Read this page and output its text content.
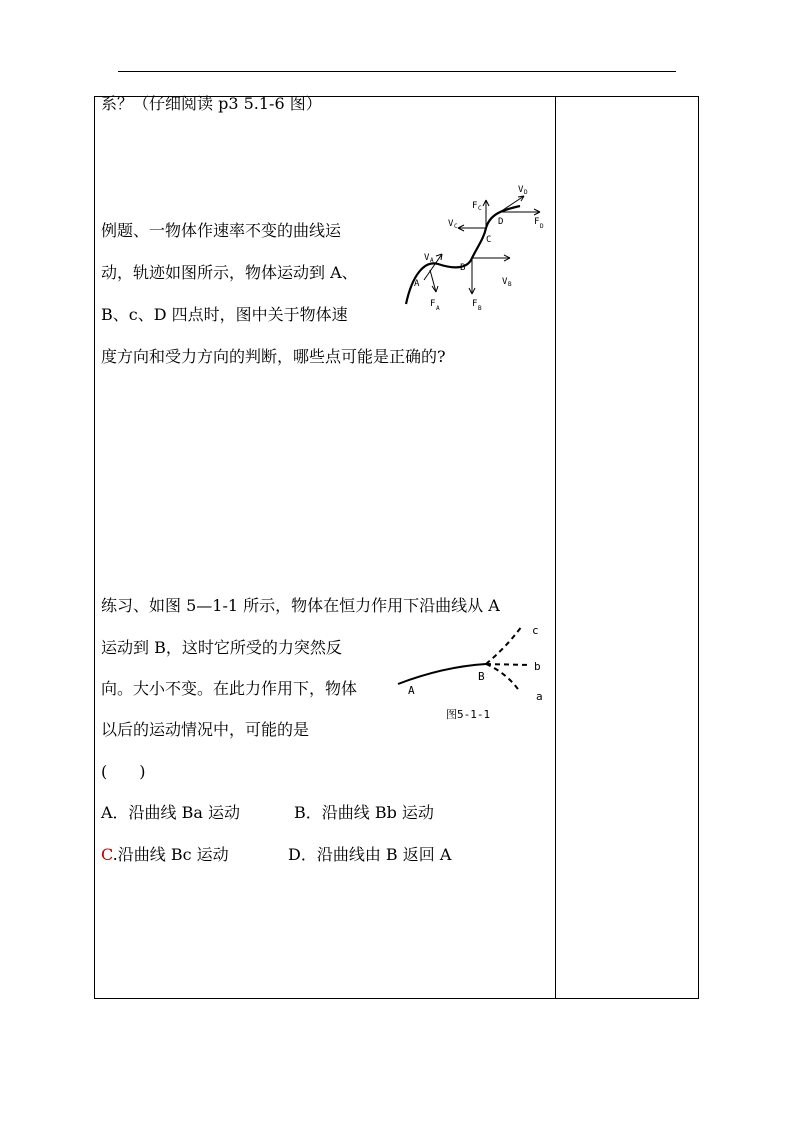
系？（仔细阅读 p3 5.1-6 图）
例题、一物体作速率不变的曲线运
动，轨迹如图所示，物体运动到 A、
B、c、D 四点时，图中关于物体速
度方向和受力方向的判断，哪些点可能是正确的?
V A
A
F A
B
V B
F B
C
V C
F C
D
V D
F D
练习、如图 5—1-1 所示，物体在恒力作用下沿曲线从 A
运动到 B，这时它所受的力突然反
向。大小不变。在此力作用下，物体
以后的运动情况中，可能的是
A
B
c
b
a
图5-1-1
(　　)
A．沿曲线 Ba 运动	B．沿曲线 Bb 运动
C.沿曲线 Bc 运动	D．沿曲线由 B 返回 A
